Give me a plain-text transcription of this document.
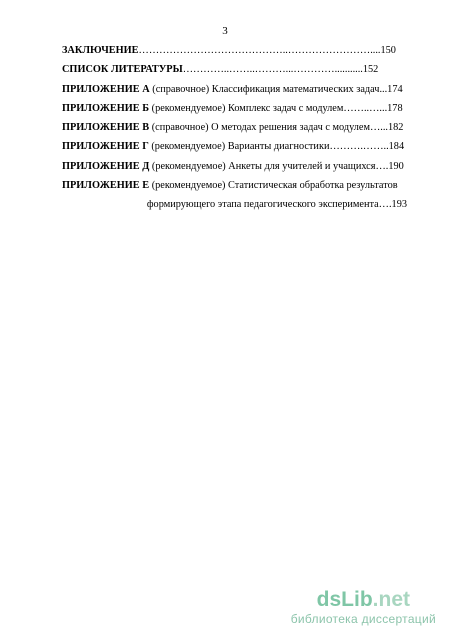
3
ЗАКЛЮЧЕНИЕ……………………………………..……………………....150
СПИСОК ЛИТЕРАТУРЫ…………..……..………...…………...........152
ПРИЛОЖЕНИЕ А (справочное) Классификация математических задач...174
ПРИЛОЖЕНИЕ Б (рекомендуемое) Комплекс задач с модулем……..…...178
ПРИЛОЖЕНИЕ В (справочное) О методах решения задач с модулем…...182
ПРИЛОЖЕНИЕ Г (рекомендуемое) Варианты диагностики……….……..184
ПРИЛОЖЕНИЕ Д (рекомендуемое) Анкеты для учителей и учащихся….190
ПРИЛОЖЕНИЕ Е (рекомендуемое) Статистическая обработка результатов
формирующего этапа педагогического эксперимента….193
dsLib.net
библиотека диссертаций
